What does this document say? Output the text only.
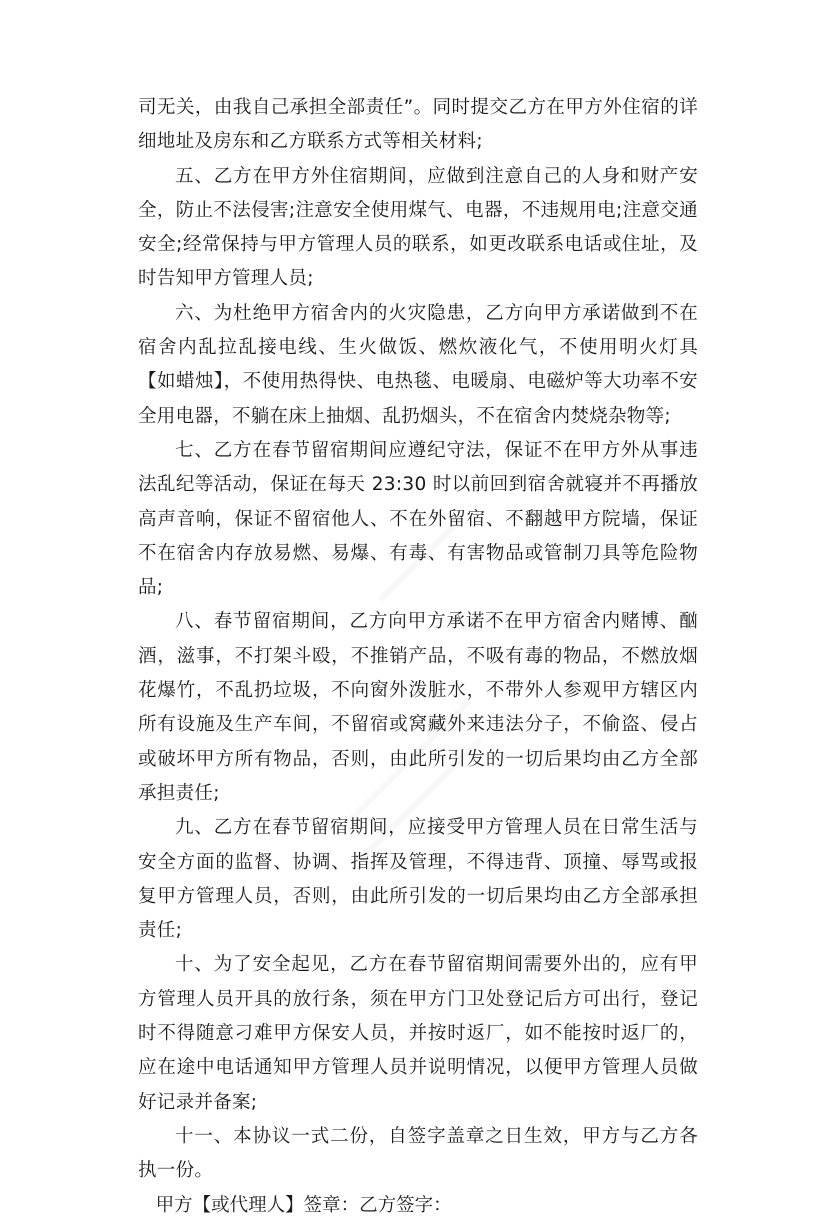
司无关，由我自己承担全部责任”。同时提交乙方在甲方外住宿的详细地址及房东和乙方联系方式等相关材料;

五、乙方在甲方外住宿期间，应做到注意自己的人身和财产安全，防止不法侵害;注意安全使用煤气、电器，不违规用电;注意交通安全;经常保持与甲方管理人员的联系，如更改联系电话或住址，及时告知甲方管理人员;

六、为杜绝甲方宿舍内的火灾隐患，乙方向甲方承诺做到不在宿舍内乱拉乱接电线、生火做饭、燃炊液化气，不使用明火灯具【如蜡烛】，不使用热得快、电热毯、电暖扇、电磁炉等大功率不安全用电器，不躺在床上抽烟、乱扔烟头，不在宿舍内焚烧杂物等;

七、乙方在春节留宿期间应遵纪守法，保证不在甲方外从事违法乱纪等活动，保证在每天 23:30 时以前回到宿舍就寝并不再播放高声音响，保证不留宿他人、不在外留宿、不翻越甲方院墙，保证不在宿舍内存放易燃、易爆、有毒、有害物品或管制刀具等危险物品;

八、春节留宿期间，乙方向甲方承诺不在甲方宿舍内赌博、酗酒，滋事，不打架斗殴，不推销产品，不吸有毒的物品，不燃放烟花爆竹，不乱扔垃圾，不向窗外泼脏水，不带外人参观甲方辖区内所有设施及生产车间，不留宿或窝藏外来违法分子，不偷盗、侵占或破坏甲方所有物品，否则，由此所引发的一切后果均由乙方全部承担责任;

九、乙方在春节留宿期间，应接受甲方管理人员在日常生活与安全方面的监督、协调、指挥及管理，不得违背、顶撞、辱骂或报复甲方管理人员，否则，由此所引发的一切后果均由乙方全部承担责任;

十、为了安全起见，乙方在春节留宿期间需要外出的，应有甲方管理人员开具的放行条，须在甲方门卫处登记后方可出行，登记时不得随意刁难甲方保安人员，并按时返厂，如不能按时返厂的，应在途中电话通知甲方管理人员并说明情况，以便甲方管理人员做好记录并备案;

十一、本协议一式二份，自签字盖章之日生效，甲方与乙方各执一份。

甲方【或代理人】签章：乙方签字：
